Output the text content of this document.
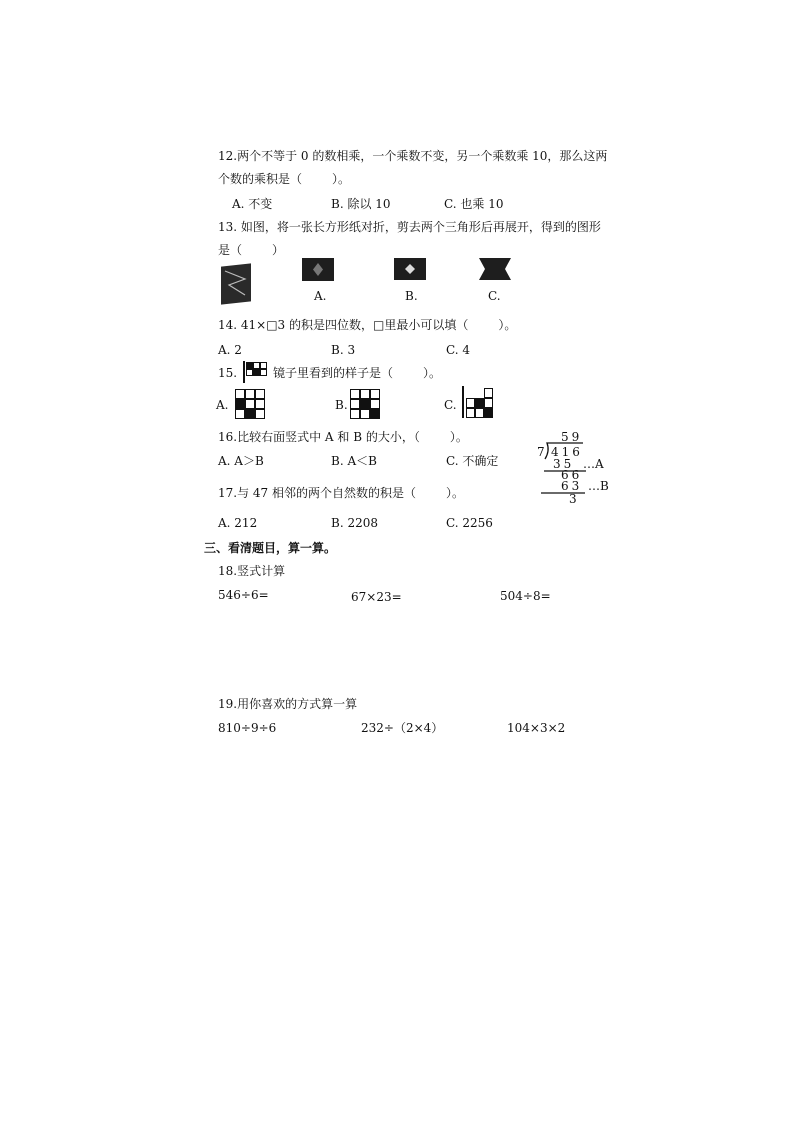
12.两个不等于 0 的数相乘，一个乘数不变，另一个乘数乘 10，那么这两
个数的乘积是（	）。
A. 不变	B. 除以 10	C. 也乘 10
13. 如图，将一张长方形纸对折，剪去两个三角形后再展开，得到的图形
是（	）
A.	B.	C.
14. 41×□3 的积是四位数，□里最小可以填（	）。
A. 2	B. 3	C. 4
15.	镜子里看到的样子是（	）。
A.	B.	C.
16.比较右面竖式中 A 和 B 的大小，（	）。
A. A＞B	B. A＜B	C. 不确定
59
7 416
35 …A
66
63 …B
3
17.与 47 相邻的两个自然数的积是（	）。
A. 212	B. 2208	C. 2256
三、看清题目，算一算。
18.竖式计算
546÷6=	67×23=	504÷8=
19.用你喜欢的方式算一算
810÷9÷6	232÷（2×4）	104×3×2
